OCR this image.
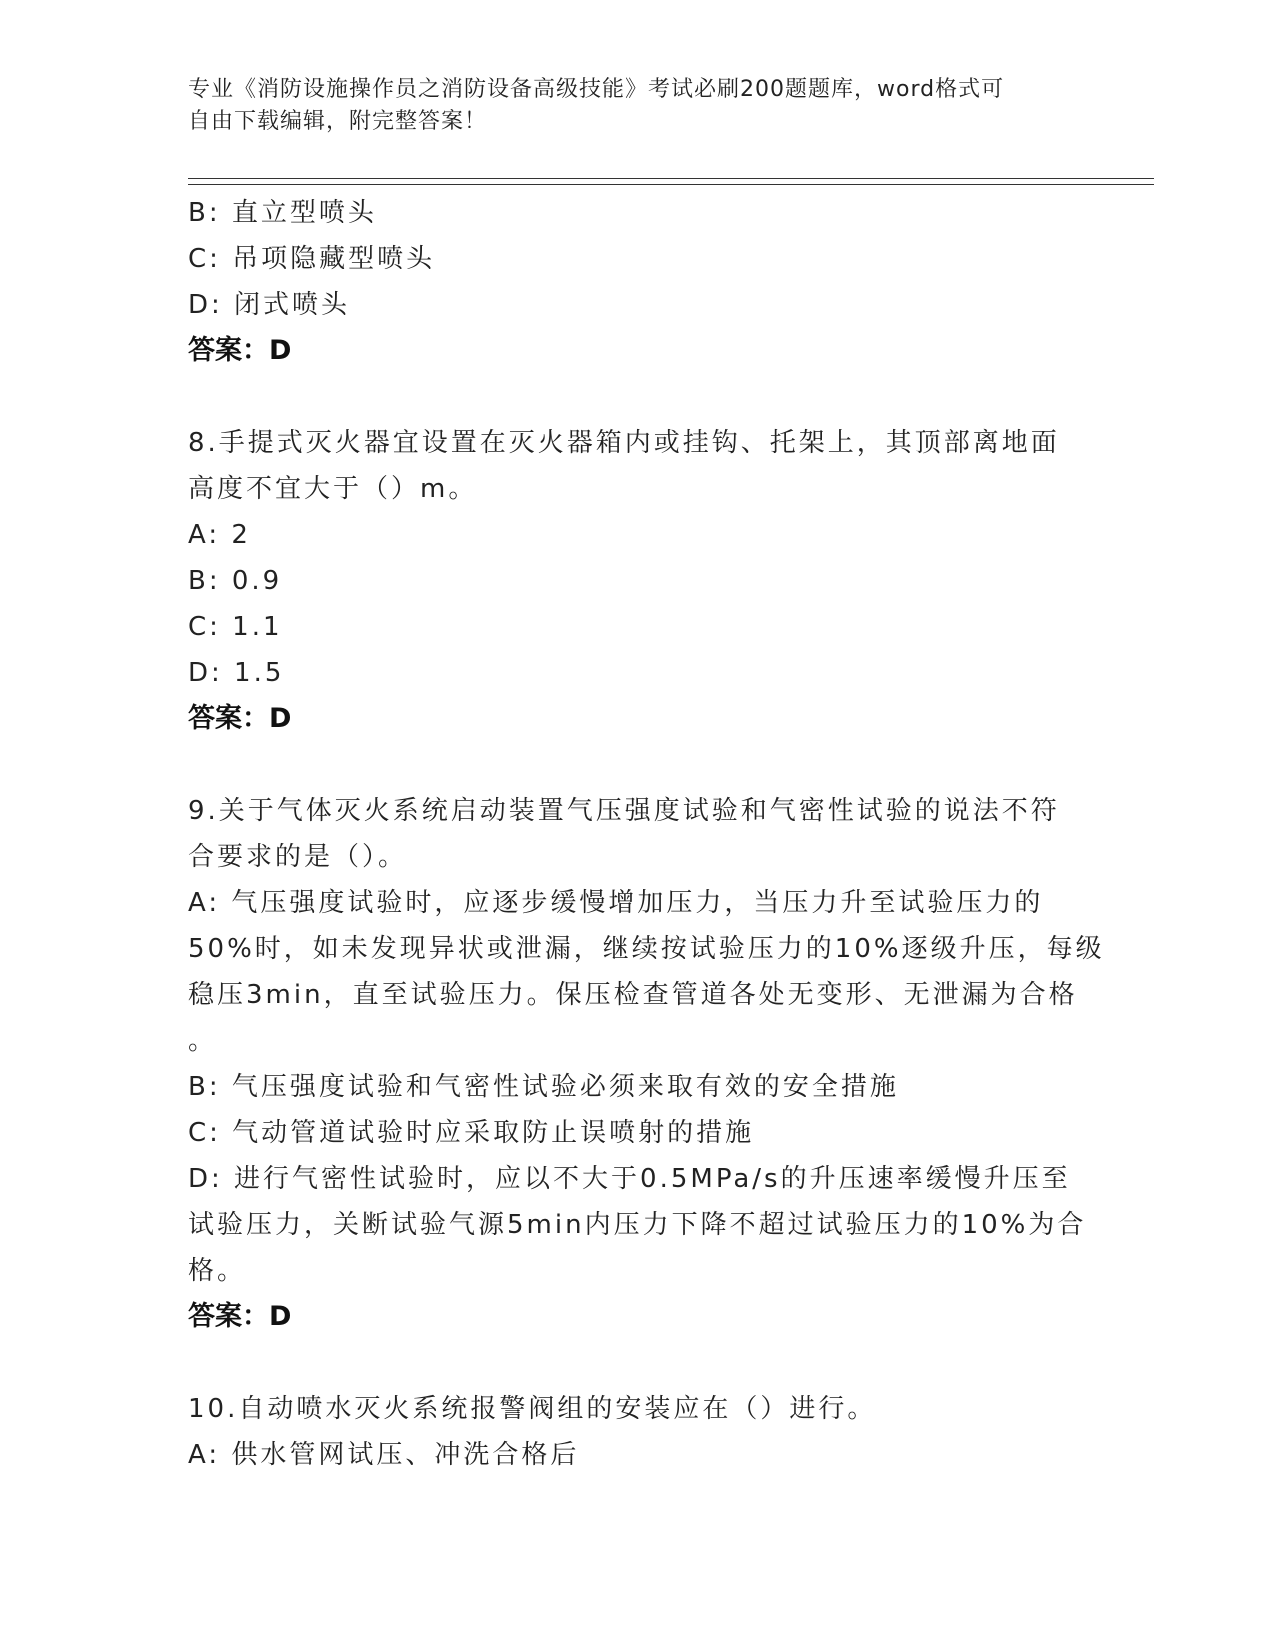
专业《消防设施操作员之消防设备高级技能》考试必刷200题题库，word格式可
自由下载编辑，附完整答案！

B: 直立型喷头

C: 吊项隐藏型喷头

D: 闭式喷头

答案：D

8.手提式灭火器宜设置在灭火器箱内或挂钩、托架上，其顶部离地面

高度不宜大于（）m。

A: 2

B: 0.9

C: 1.1

D: 1.5

答案：D

9.关于气体灭火系统启动装置气压强度试验和气密性试验的说法不符

合要求的是（）。

A: 气压强度试验时，应逐步缓慢增加压力，当压力升至试验压力的

50%时，如未发现异状或泄漏，继续按试验压力的10%逐级升压，每级

稳压3min，直至试验压力。保压检查管道各处无变形、无泄漏为合格

。

B: 气压强度试验和气密性试验必须来取有效的安全措施

C: 气动管道试验时应采取防止误喷射的措施

D: 进行气密性试验时，应以不大于0.5MPa/s的升压速率缓慢升压至

试验压力，关断试验气源5min内压力下降不超过试验压力的10%为合

格。

答案：D

10.自动喷水灭火系统报警阀组的安装应在（）进行。

A: 供水管网试压、冲洗合格后
